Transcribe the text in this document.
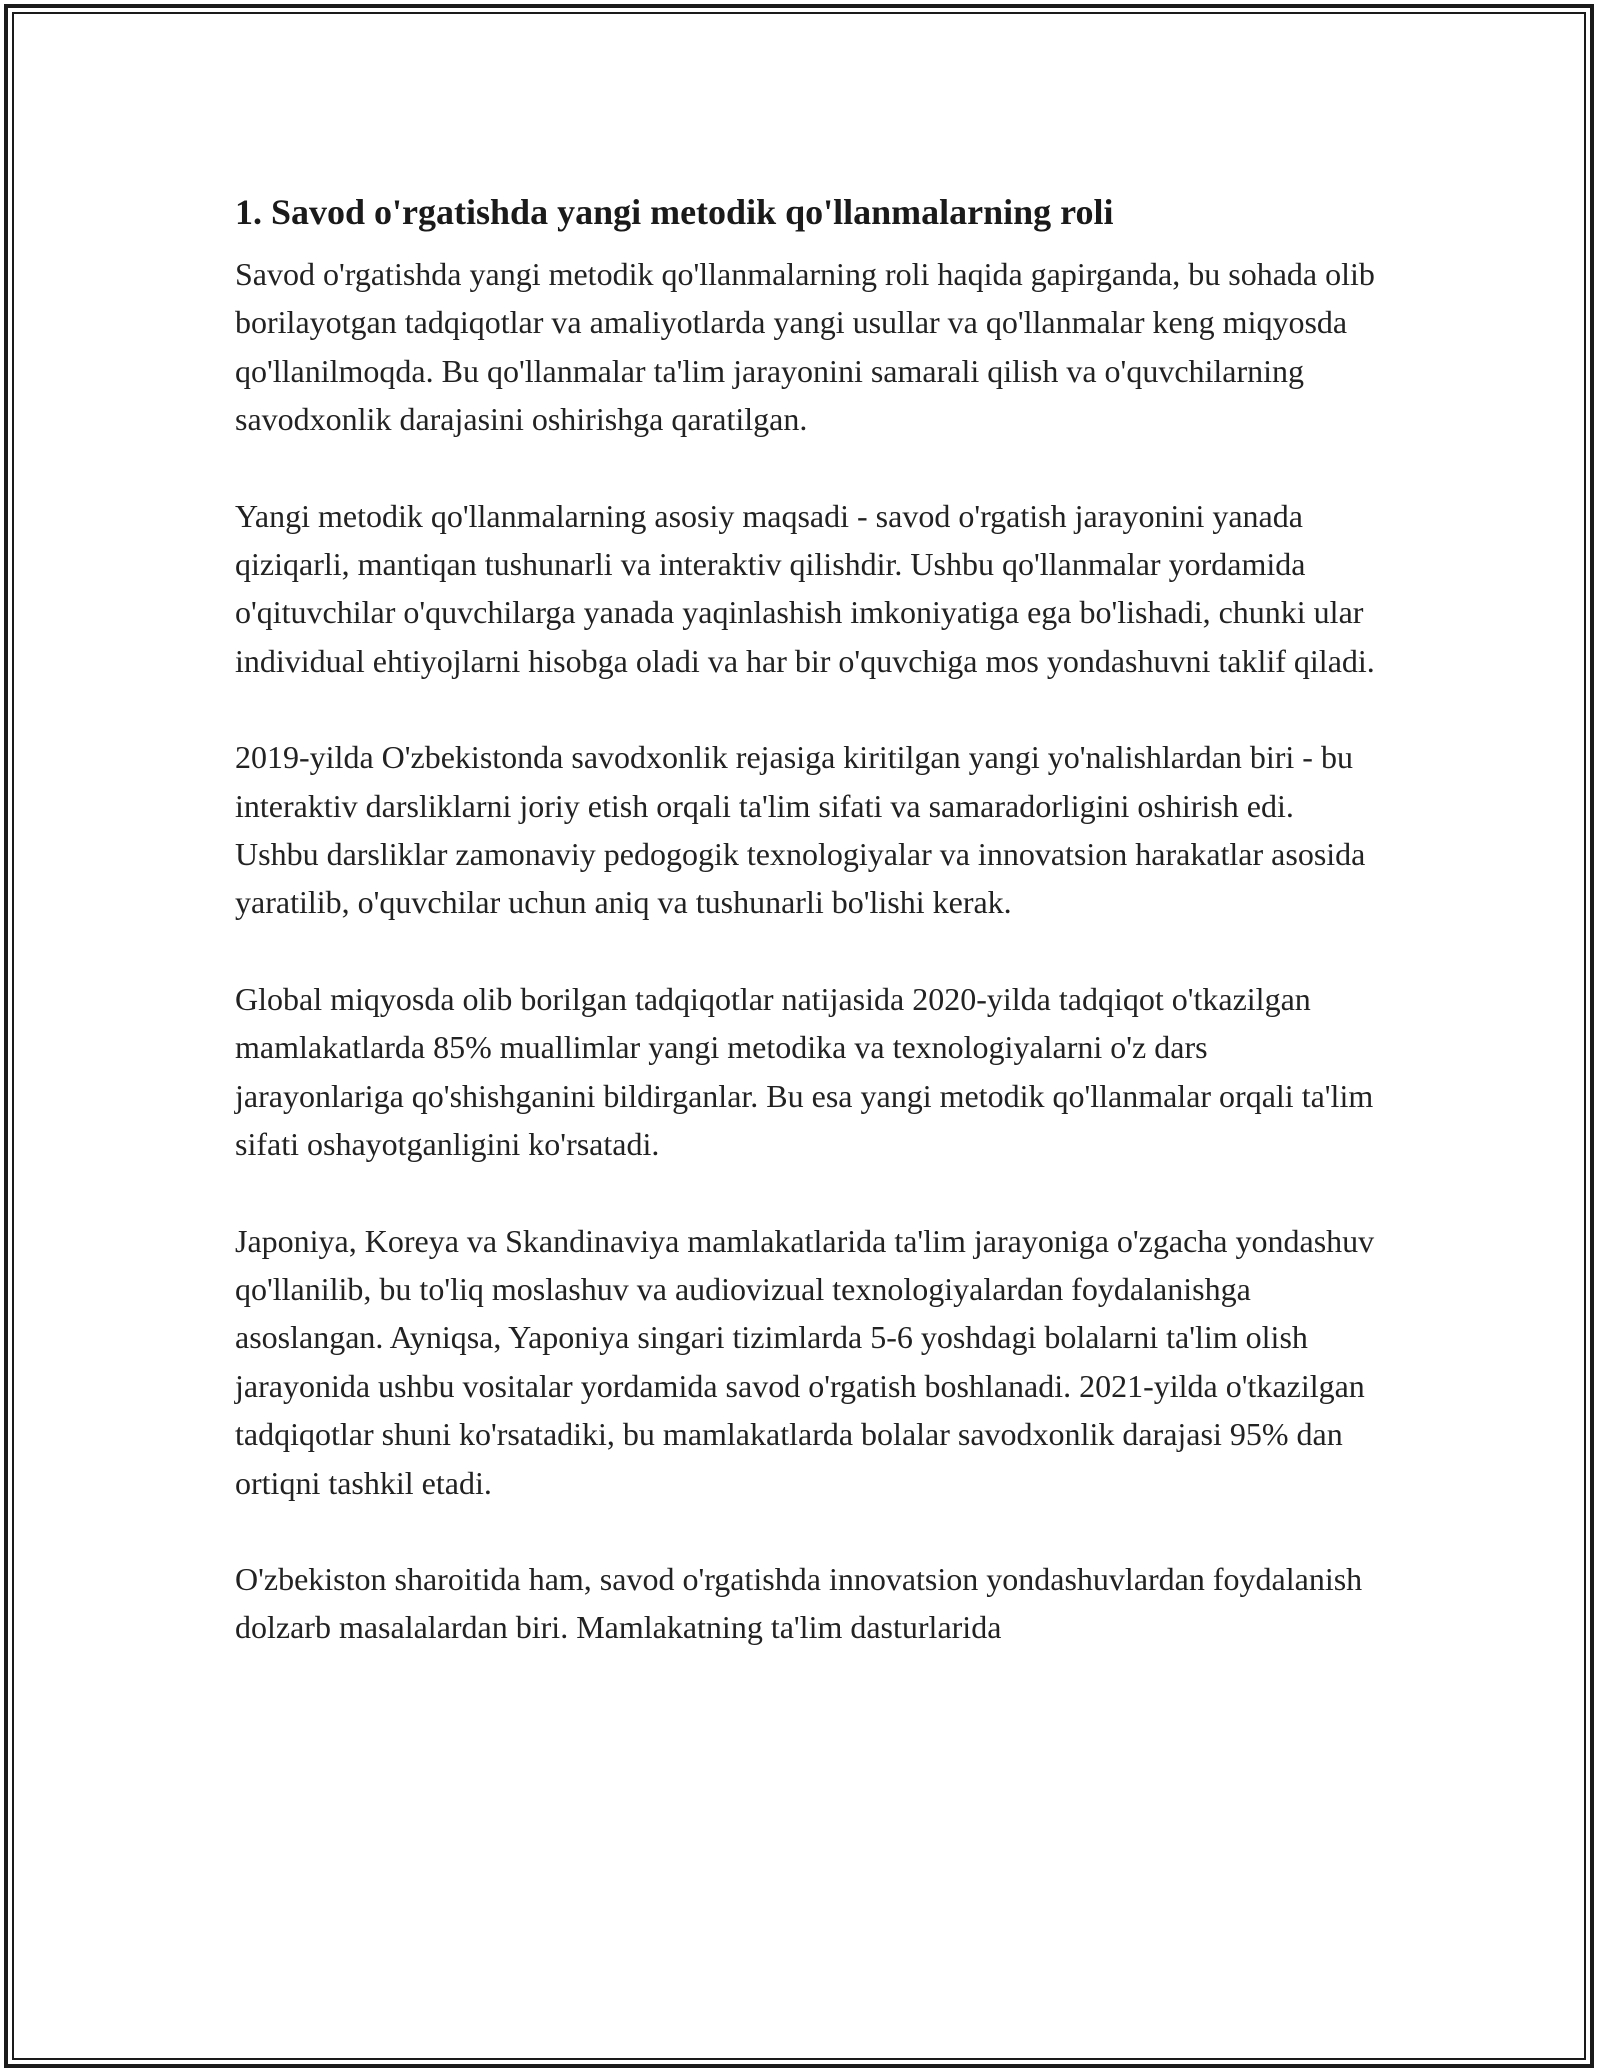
1. Savod o'rgatishda yangi metodik qo'llanmalarning roli

Savod o'rgatishda yangi metodik qo'llanmalarning roli haqida gapirganda, bu sohada olib borilayotgan tadqiqotlar va amaliyotlarda yangi usullar va qo'llanmalar keng miqyosda qo'llanilmoqda. Bu qo'llanmalar ta'lim jarayonini samarali qilish va o'quvchilarning savodxonlik darajasini oshirishga qaratilgan.

Yangi metodik qo'llanmalarning asosiy maqsadi - savod o'rgatish jarayonini yanada qiziqarli, mantiqan tushunarli va interaktiv qilishdir. Ushbu qo'llanmalar yordamida o'qituvchilar o'quvchilarga yanada yaqinlashish imkoniyatiga ega bo'lishadi, chunki ular individual ehtiyojlarni hisobga oladi va har bir o'quvchiga mos yondashuvni taklif qiladi.

2019-yilda O'zbekistonda savodxonlik rejasiga kiritilgan yangi yo'nalishlardan biri - bu interaktiv darsliklarni joriy etish orqali ta'lim sifati va samaradorligini oshirish edi. Ushbu darsliklar zamonaviy pedogogik texnologiyalar va innovatsion harakatlar asosida yaratilib, o'quvchilar uchun aniq va tushunarli bo'lishi kerak.

Global miqyosda olib borilgan tadqiqotlar natijasida 2020-yilda tadqiqot o'tkazilgan mamlakatlarda 85% muallimlar yangi metodika va texnologiyalarni o'z dars jarayonlariga qo'shishganini bildirganlar. Bu esa yangi metodik qo'llanmalar orqali ta'lim sifati oshayotganligini ko'rsatadi.

Japoniya, Koreya va Skandinaviya mamlakatlarida ta'lim jarayoniga o'zgacha yondashuv qo'llanilib, bu to'liq moslashuv va audiovizual texnologiyalardan foydalanishga asoslangan. Ayniqsa, Yaponiya singari tizimlarda 5-6 yoshdagi bolalarni ta'lim olish jarayonida ushbu vositalar yordamida savod o'rgatish boshlanadi. 2021-yilda o'tkazilgan tadqiqotlar shuni ko'rsatadiki, bu mamlakatlarda bolalar savodxonlik darajasi 95% dan ortiqni tashkil etadi.

O'zbekiston sharoitida ham, savod o'rgatishda innovatsion yondashuvlardan foydalanish dolzarb masalalardan biri. Mamlakatning ta'lim dasturlarida
